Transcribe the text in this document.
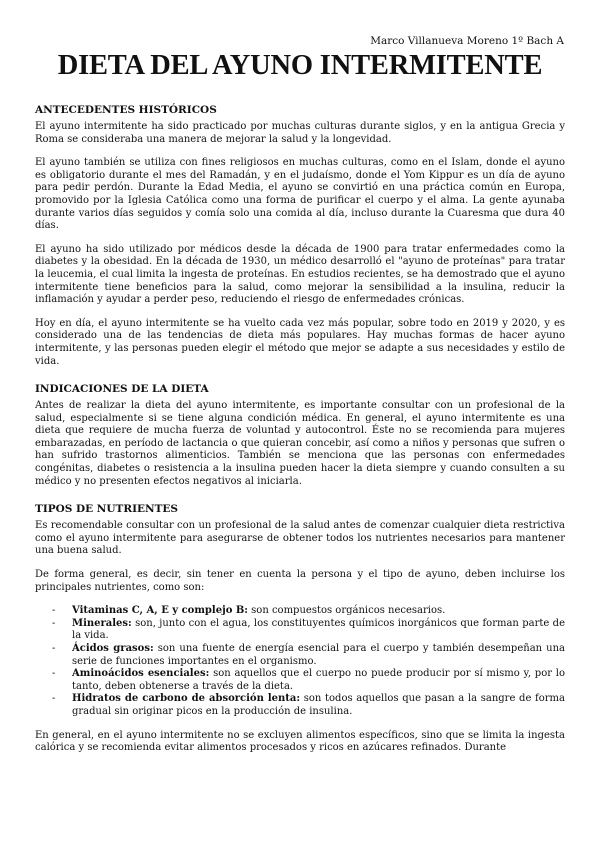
Marco Villanueva Moreno 1º Bach A
DIETA DEL AYUNO INTERMITENTE
ANTECEDENTES HISTÓRICOS

El ayuno intermitente ha sido practicado por muchas culturas durante siglos, y en la antigua Grecia y Roma se consideraba una manera de mejorar la salud y la longevidad.

El ayuno también se utiliza con fines religiosos en muchas culturas, como en el Islam, donde el ayuno es obligatorio durante el mes del Ramadán, y en el judaísmo, donde el Yom Kippur es un día de ayuno para pedir perdón. Durante la Edad Media, el ayuno se convirtió en una práctica común en Europa, promovido por la Iglesia Católica como una forma de purificar el cuerpo y el alma. La gente ayunaba durante varios días seguidos y comía solo una comida al día, incluso durante la Cuaresma que dura 40 días.

El ayuno ha sido utilizado por médicos desde la década de 1900 para tratar enfermedades como la diabetes y la obesidad. En la década de 1930, un médico desarrolló el "ayuno de proteínas" para tratar la leucemia, el cual limita la ingesta de proteínas. En estudios recientes, se ha demostrado que el ayuno intermitente tiene beneficios para la salud, como mejorar la sensibilidad a la insulina, reducir la inflamación y ayudar a perder peso, reduciendo el riesgo de enfermedades crónicas.

Hoy en día, el ayuno intermitente se ha vuelto cada vez más popular, sobre todo en 2019 y 2020, y es considerado una de las tendencias de dieta más populares. Hay muchas formas de hacer ayuno intermitente, y las personas pueden elegir el método que mejor se adapte a sus necesidades y estilo de vida.

INDICACIONES DE LA DIETA

Antes de realizar la dieta del ayuno intermitente, es importante consultar con un profesional de la salud, especialmente si se tiene alguna condición médica. En general, el ayuno intermitente es una dieta que requiere de mucha fuerza de voluntad y autocontrol. Éste no se recomienda para mujeres embarazadas, en período de lactancia o que quieran concebir, así como a niños y personas que sufren o han sufrido trastornos alimenticios. También se menciona que las personas con enfermedades congénitas, diabetes o resistencia a la insulina pueden hacer la dieta siempre y cuando consulten a su médico y no presenten efectos negativos al iniciarla.

TIPOS DE NUTRIENTES

Es recomendable consultar con un profesional de la salud antes de comenzar cualquier dieta restrictiva como el ayuno intermitente para asegurarse de obtener todos los nutrientes necesarios para mantener una buena salud.

De forma general, es decir, sin tener en cuenta la persona y el tipo de ayuno, deben incluirse los principales nutrientes, como son:

- Vitaminas C, A, E y complejo B: son compuestos orgánicos necesarios.
- Minerales: son, junto con el agua, los constituyentes químicos inorgánicos que forman parte de la vida.
- Ácidos grasos: son una fuente de energía esencial para el cuerpo y también desempeñan una serie de funciones importantes en el organismo.
- Aminoácidos esenciales: son aquellos que el cuerpo no puede producir por sí mismo y, por lo tanto, deben obtenerse a través de la dieta.
- Hidratos de carbono de absorción lenta: son todos aquellos que pasan a la sangre de forma gradual sin originar picos en la producción de insulina.

En general, en el ayuno intermitente no se excluyen alimentos específicos, sino que se limita la ingesta calórica y se recomienda evitar alimentos procesados y ricos en azúcares refinados. Durante
